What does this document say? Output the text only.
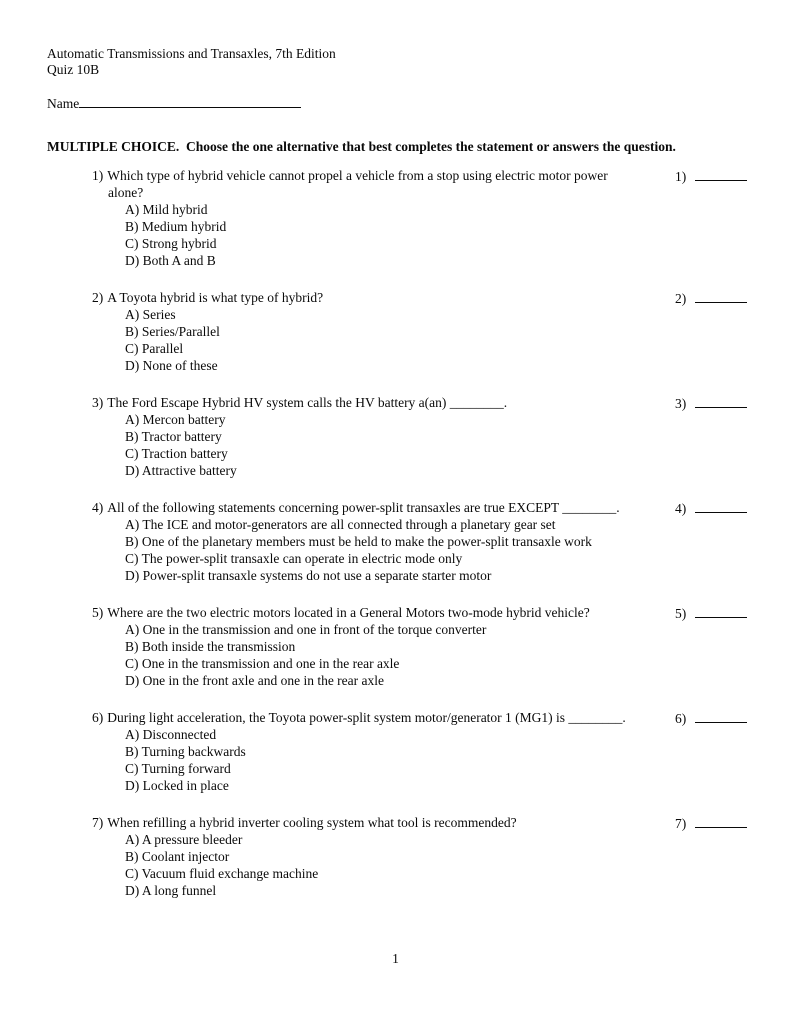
Automatic Transmissions and Transaxles, 7th Edition
Quiz 10B
Name
MULTIPLE CHOICE.  Choose the one alternative that best completes the statement or answers the question.
1) Which type of hybrid vehicle cannot propel a vehicle from a stop using electric motor power
alone?
A) Mild hybrid
B) Medium hybrid
C) Strong hybrid
D) Both A and B
1)
2) A Toyota hybrid is what type of hybrid?
A) Series
B) Series/Parallel
C) Parallel
D) None of these
2)
3) The Ford Escape Hybrid HV system calls the HV battery a(an) ________.
A) Mercon battery
B) Tractor battery
C) Traction battery
D) Attractive battery
3)
4) All of the following statements concerning power-split transaxles are true EXCEPT ________.
A) The ICE and motor-generators are all connected through a planetary gear set
B) One of the planetary members must be held to make the power-split transaxle work
C) The power-split transaxle can operate in electric mode only
D) Power-split transaxle systems do not use a separate starter motor
4)
5) Where are the two electric motors located in a General Motors two-mode hybrid vehicle?
A) One in the transmission and one in front of the torque converter
B) Both inside the transmission
C) One in the transmission and one in the rear axle
D) One in the front axle and one in the rear axle
5)
6) During light acceleration, the Toyota power-split system motor/generator 1 (MG1) is ________.
A) Disconnected
B) Turning backwards
C) Turning forward
D) Locked in place
6)
7) When refilling a hybrid inverter cooling system what tool is recommended?
A) A pressure bleeder
B) Coolant injector
C) Vacuum fluid exchange machine
D) A long funnel
7)
1
